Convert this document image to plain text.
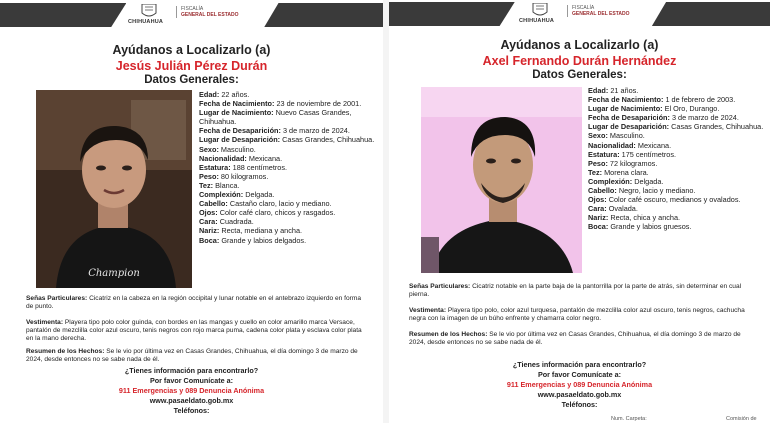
CHIHUAHUA
FISCALÍA
GENERAL DEL ESTADO
Ayúdanos a Localizarlo (a)
Jesús Julián Pérez Durán
Datos Generales:
Champion
Edad: 22 años.
Fecha de Nacimiento: 23 de noviembre de 2001.
Lugar de Nacimiento: Nuevo Casas Grandes, Chihuahua.
Fecha de Desaparición: 3 de marzo de 2024.
Lugar de Desaparición: Casas Grandes, Chihuahua.
Sexo: Masculino.
Nacionalidad: Mexicana.
Estatura: 188 centímetros.
Peso: 80 kilogramos.
Tez: Blanca.
Complexión: Delgada.
Cabello: Castaño claro, lacio y mediano.
Ojos: Color café claro, chicos y rasgados.
Cara: Cuadrada.
Nariz: Recta, mediana y ancha.
Boca: Grande y labios delgados.
Señas Particulares: Cicatriz en la cabeza en la región occipital y lunar notable en el antebrazo izquierdo en forma de punto.
Vestimenta: Playera tipo polo color guinda, con bordes en las mangas y cuello en color amarillo marca Versace, pantalón de mezclilla color azul oscuro, tenis negros con rojo marca puma, cadena color plata y esclava color plata en la mano derecha.
Resumen de los Hechos: Se le vio por última vez en Casas Grandes, Chihuahua, el día domingo 3 de marzo de 2024, desde entonces no se sabe nada de él.
¿Tienes información para encontrarlo?
Por favor Comunícate a:
911 Emergencias y 089 Denuncia Anónima
www.pasaeldato.gob.mx
Teléfonos:
CHIHUAHUA
FISCALÍA
GENERAL DEL ESTADO
Ayúdanos a Localizarlo (a)
Axel Fernando Durán Hernández
Datos Generales:
Edad: 21 años.
Fecha de Nacimiento: 1 de febrero de 2003.
Lugar de Nacimiento: El Oro, Durango.
Fecha de Desaparición: 3 de marzo de 2024.
Lugar de Desaparición: Casas Grandes, Chihuahua.
Sexo: Masculino.
Nacionalidad: Mexicana.
Estatura: 175 centímetros.
Peso: 72 kilogramos.
Tez: Morena clara.
Complexión: Delgada.
Cabello: Negro, lacio y mediano.
Ojos: Color café oscuro, medianos y ovalados.
Cara: Ovalada.
Nariz: Recta, chica y ancha.
Boca: Grande y labios gruesos.
Señas Particulares: Cicatriz notable en la parte baja de la pantorrilla por la parte de atrás, sin determinar en cual pierna.
Vestimenta: Playera tipo polo, color azul turquesa, pantalón de mezclilla color azul oscuro, tenis negros, cachucha negra con la imagen de un búho enfrente y chamarra color negro.
Resumen de los Hechos: Se le vio por última vez en Casas Grandes, Chihuahua, el día domingo 3 de marzo de 2024, desde entonces no se sabe nada de él.
¿Tienes información para encontrarlo?
Por favor Comunícate a:
911 Emergencias y 089 Denuncia Anónima
www.pasaeldato.gob.mx
Teléfonos:
Num. Carpeta:	Comisión de
